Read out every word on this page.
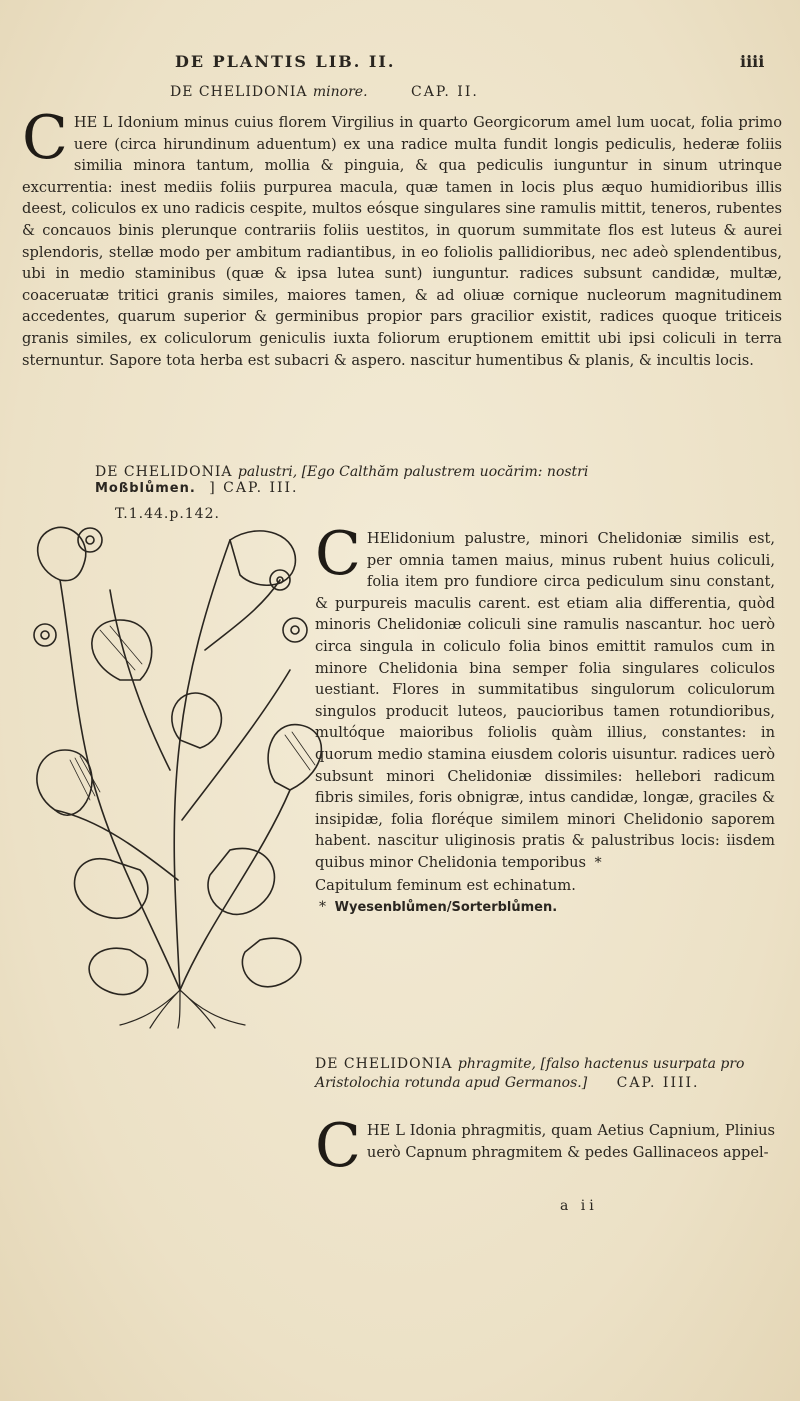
DE PLANTIS LIB. II.	iiii
DE CHELIDONIA minore.	CAP. II.
CHE L Idonium minus cuius florem Virgilius in quarto Georgicorum amel lum uocat, folia primo uere (circa hirundinum aduentum) ex una radice multa fundit longis pediculis, hederæ foliis similia minora tantum, mollia & pinguia, & qua pediculis iunguntur in sinum utrinque excurrentia: inest mediis foliis purpurea macula, quæ tamen in locis plus æquo humidioribus illis deest, coliculos ex uno radicis cespite, multos eósque singulares sine ramulis mittit, teneros, rubentes & concauos binis plerunque contrariis foliis uestitos, in quorum summitate flos est luteus & aurei splendoris, stellæ modo per ambitum radiantibus, in eo foliolis pallidioribus, nec adeò splendentibus, ubi in medio staminibus (quæ & ipsa lutea sunt) iunguntur. radices subsunt candidæ, multæ, coaceruatæ tritici granis similes, maiores tamen, & ad oliuæ cornique nucleorum magnitudinem accedentes, quarum superior & germinibus propior pars gracilior existit, radices quoque triticeis granis similes, ex coliculorum geniculis iuxta foliorum eruptionem emittit ubi ipsi coliculi in terra sternuntur. Sapore tota herba est subacri & aspero. nascitur humentibus & planis, & incultis locis.
DE CHELIDONIA palustri, [Ego Calthăm palustrem uocărim: nostri
Moßblůmen. ] CAP. III.
T.1.44.p.142.
C HElidonium palustre, minori Chelidoniæ similis est, per omnia tamen maius, minus rubent huius coliculi, folia item pro fundiore circa pediculum sinu constant, & purpureis maculis carent. est etiam alia differentia, quòd minoris Chelidoniæ coliculi sine ramulis nascantur. hoc uerò circa singula in coliculo folia binos emittit ramulos cum in minore Chelidonia bina semper folia singulares coliculos uestiant. Flores in summitatibus singulorum coliculorum singulos producit luteos, paucioribus tamen rotundioribus, multóque maioribus foliolis quàm illius, constantes: in quorum medio stamina eiusdem coloris uisuntur. radices uerò subsunt minori Chelidoniæ dissimiles: hellebori radicum fibris similes, foris obnigræ, intus candidæ, longæ, graciles & insipidæ, folia floréque similem minori Chelidonio saporem habent. nascitur uliginosis pratis & palustribus locis: iisdem quibus minor Chelidonia temporibus *
Capitulum feminum est echinatum.
* Wyesenblůmen/Sorterblůmen.
DE CHELIDONIA phragmite, [falso hactenus usurpata pro Aristolochia rotunda apud Germanos.] CAP. IIII.
CHE L Idonia phragmitis, quam Aetius Capnium, Plinius uerò Capnum phragmitem & pedes Gallinaceos appel-
a ii
